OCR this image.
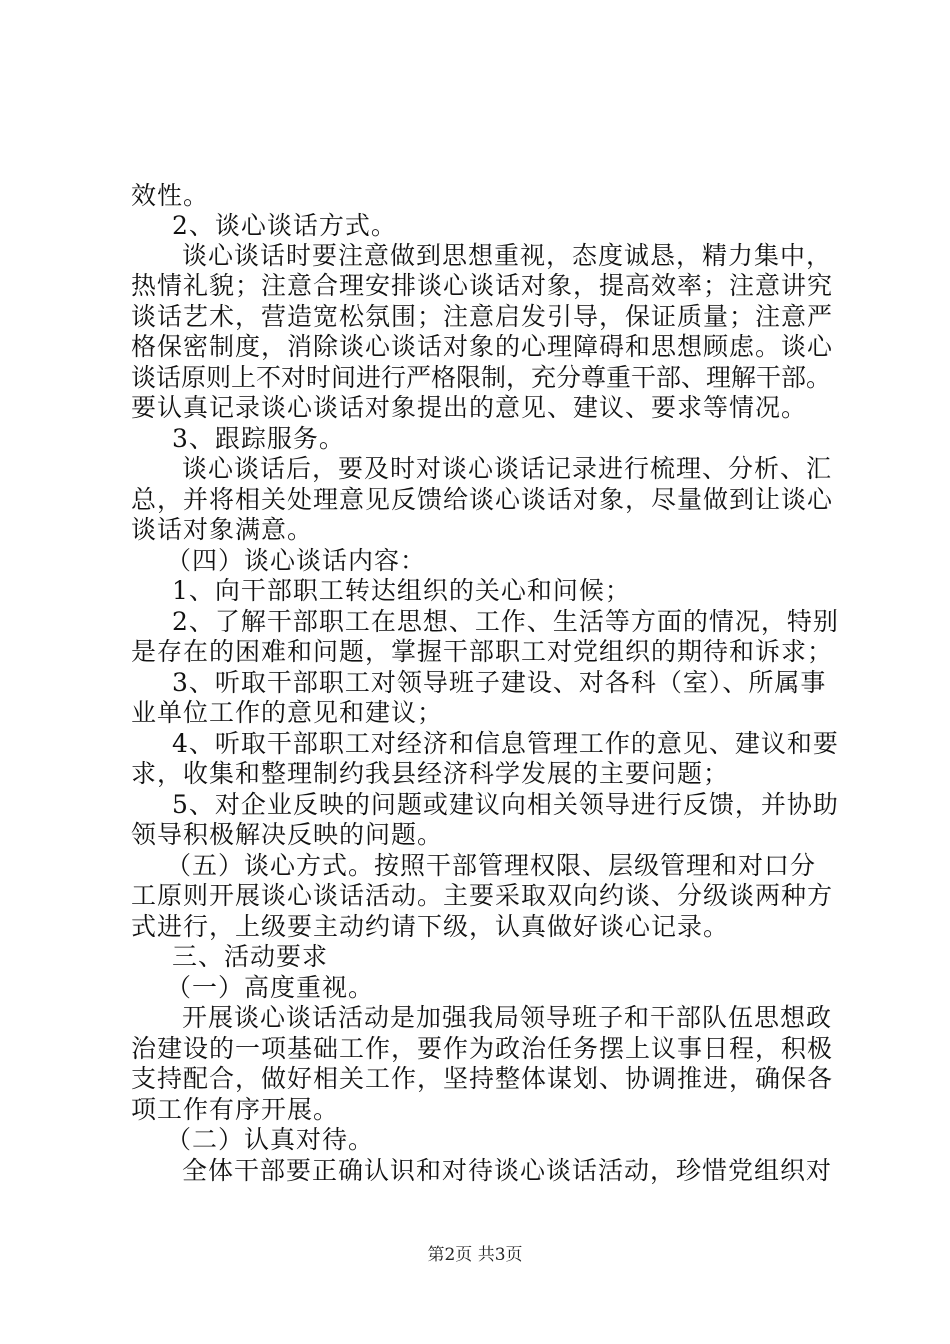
效性。
2、谈心谈话方式。
谈心谈话时要注意做到思想重视，态度诚恳，精力集中，
热情礼貌；注意合理安排谈心谈话对象，提高效率；注意讲究
谈话艺术，营造宽松氛围；注意启发引导，保证质量；注意严
格保密制度，消除谈心谈话对象的心理障碍和思想顾虑。谈心
谈话原则上不对时间进行严格限制，充分尊重干部、理解干部。
要认真记录谈心谈话对象提出的意见、建议、要求等情况。
3、跟踪服务。
谈心谈话后，要及时对谈心谈话记录进行梳理、分析、汇
总，并将相关处理意见反馈给谈心谈话对象，尽量做到让谈心
谈话对象满意。
（四）谈心谈话内容：
1、向干部职工转达组织的关心和问候；
2、了解干部职工在思想、工作、生活等方面的情况，特别
是存在的困难和问题，掌握干部职工对党组织的期待和诉求；
3、听取干部职工对领导班子建设、对各科（室）、所属事
业单位工作的意见和建议；
4、听取干部职工对经济和信息管理工作的意见、建议和要
求，收集和整理制约我县经济科学发展的主要问题；
5、对企业反映的问题或建议向相关领导进行反馈，并协助
领导积极解决反映的问题。
（五）谈心方式。按照干部管理权限、层级管理和对口分
工原则开展谈心谈话活动。主要采取双向约谈、分级谈两种方
式进行，上级要主动约请下级，认真做好谈心记录。
三、活动要求
（一）高度重视。
开展谈心谈话活动是加强我局领导班子和干部队伍思想政
治建设的一项基础工作，要作为政治任务摆上议事日程，积极
支持配合，做好相关工作，坚持整体谋划、协调推进，确保各
项工作有序开展。
（二）认真对待。
全体干部要正确认识和对待谈心谈话活动，珍惜党组织对
第2页 共3页
